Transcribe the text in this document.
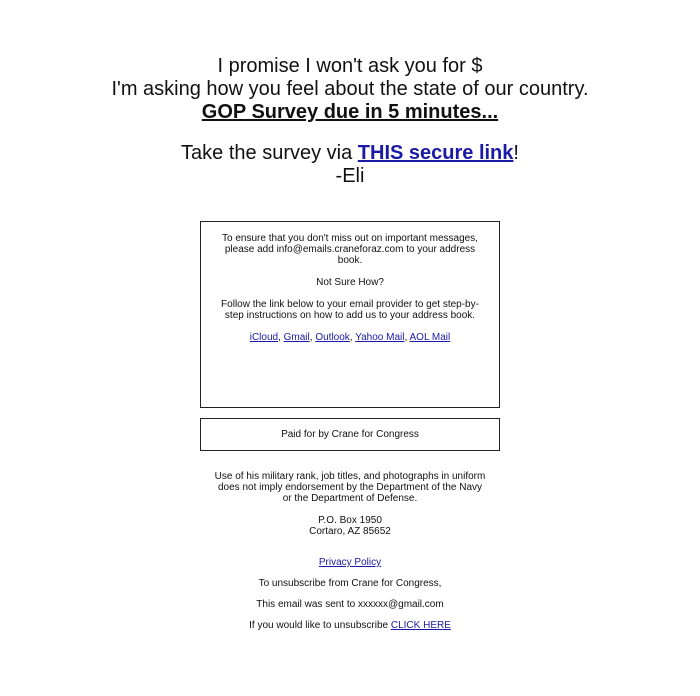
I promise I won't ask you for $
I'm asking how you feel about the state of our country.
GOP Survey due in 5 minutes...
Take the survey via THIS secure link!
-Eli

To ensure that you don't miss out on important messages, please add info@emails.craneforaz.com to your address book.

Not Sure How?

Follow the link below to your email provider to get step-by-step instructions on how to add us to your address book.

iCloud, Gmail, Outlook, Yahoo Mail, AOL Mail

Paid for by Crane for Congress

Use of his military rank, job titles, and photographs in uniform does not imply endorsement by the Department of the Navy or the Department of Defense.

P.O. Box 1950

Cortaro, AZ 85652

Privacy Policy

To unsubscribe from Crane for Congress,

This email was sent to xxxxxx@gmail.com

If you would like to unsubscribe CLICK HERE
